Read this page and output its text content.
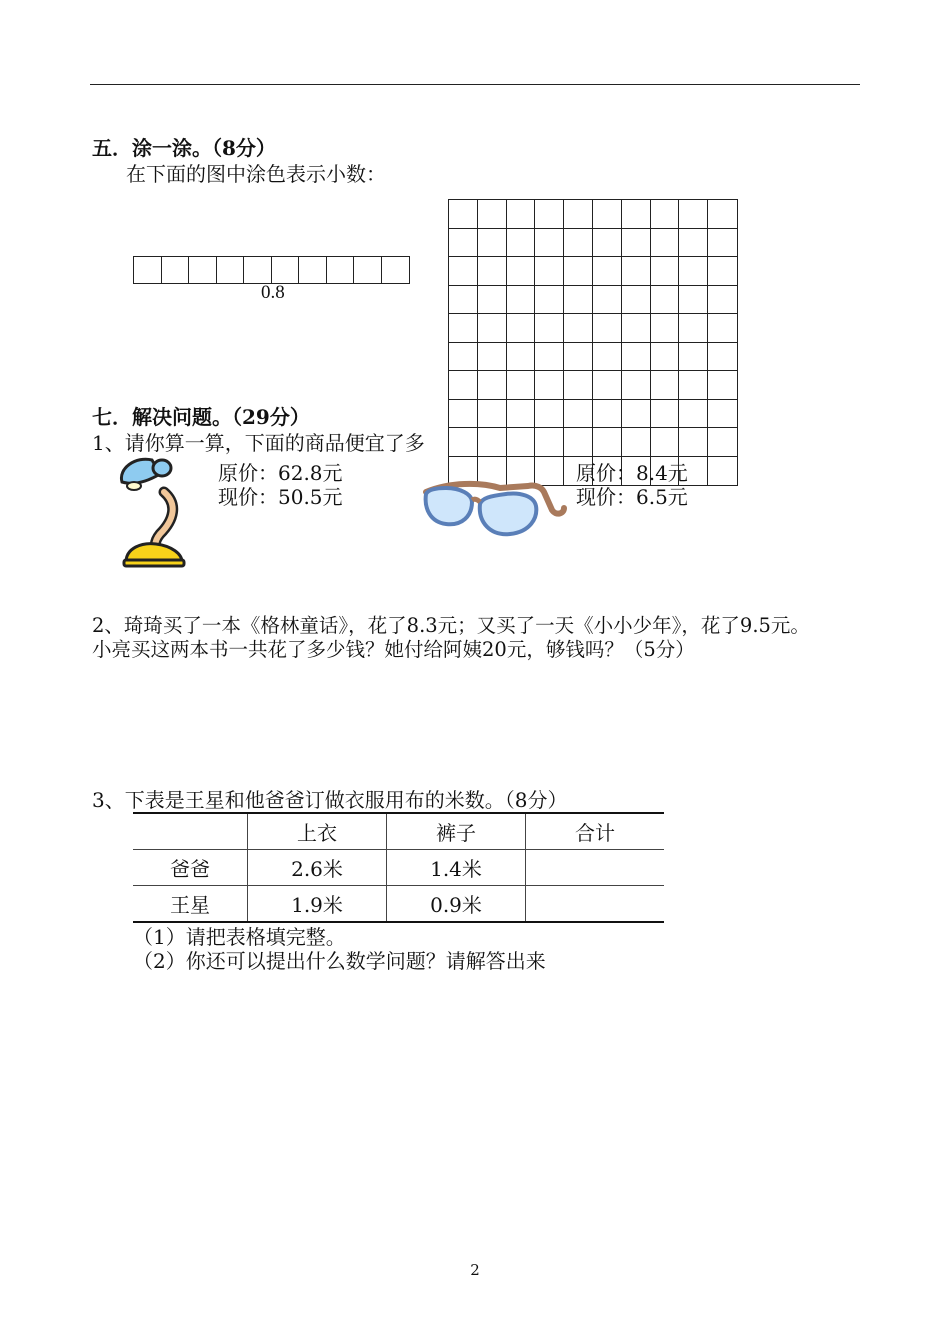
五．涂一涂。（8分）
在下面的图中涂色表示小数：
0.8
七．解决问题。（29分）
1、请你算一算，下面的商品便宜了多
原价：62.8元
现价：50.5元
原价：8.4元
现价：6.5元
2、琦琦买了一本《格林童话》，花了8.3元；又买了一天《小小少年》，花了9.5元。
小亮买这两本书一共花了多少钱？她付给阿姨20元，够钱吗？（5分）
3、下表是王星和他爸爸订做衣服用布的米数。（8分）
	上衣	裤子	合计
爸爸	2.6米	1.4米	
王星	1.9米	0.9米	
（1）请把表格填完整。
（2）你还可以提出什么数学问题？请解答出来
2
